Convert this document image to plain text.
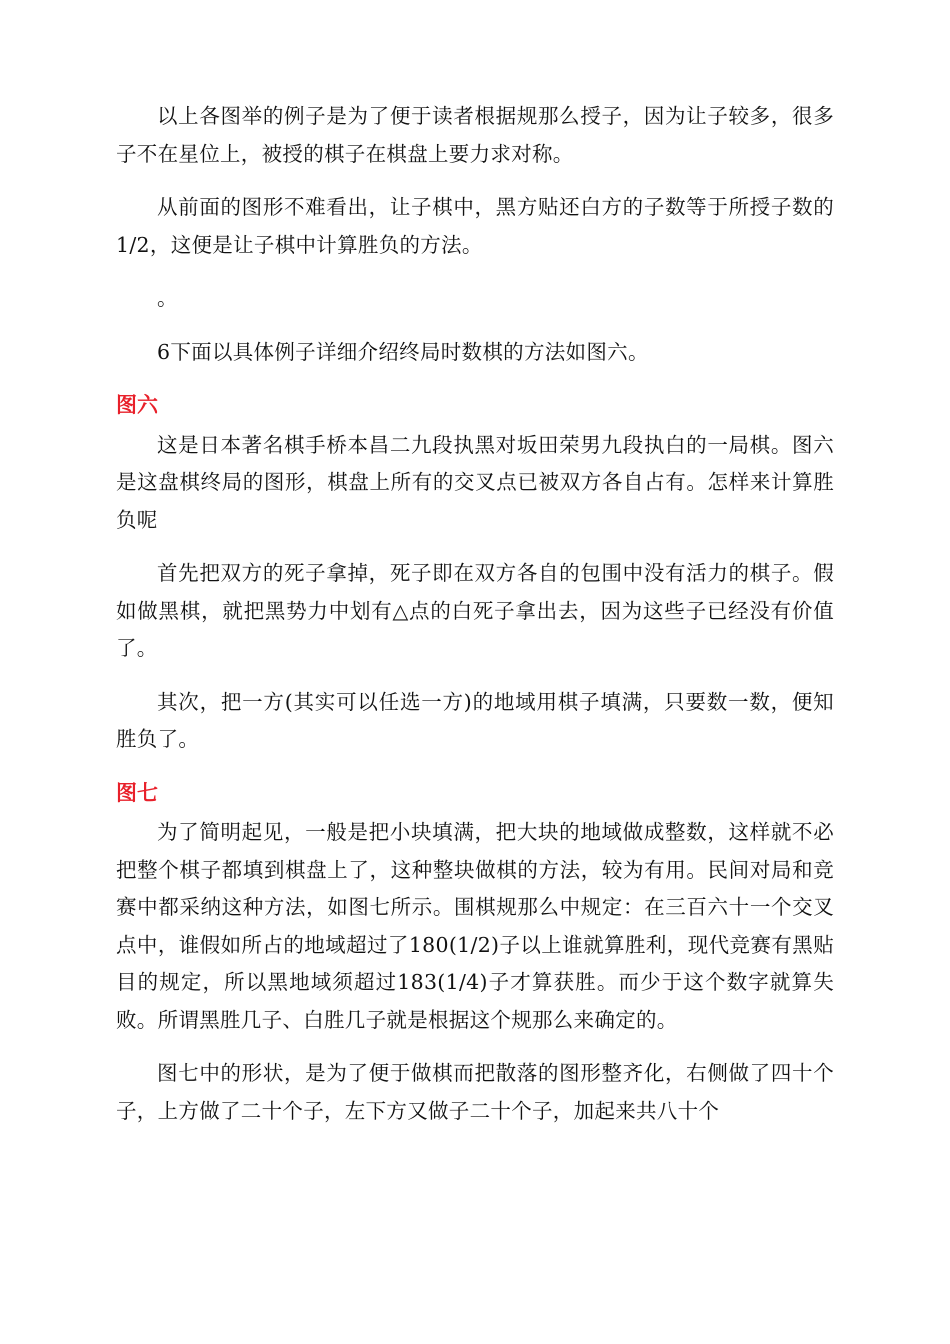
以上各图举的例子是为了便于读者根据规那么授子，因为让子较多，很多子不在星位上，被授的棋子在棋盘上要力求对称。

从前面的图形不难看出，让子棋中，黑方贴还白方的子数等于所授子数的1/2，这便是让子棋中计算胜负的方法。

。

6下面以具体例子详细介绍终局时数棋的方法如图六。

图六

这是日本著名棋手桥本昌二九段执黑对坂田荣男九段执白的一局棋。图六是这盘棋终局的图形，棋盘上所有的交叉点已被双方各自占有。怎样来计算胜负呢

首先把双方的死子拿掉，死子即在双方各自的包围中没有活力的棋子。假如做黑棋，就把黑势力中划有△点的白死子拿出去，因为这些子已经没有价值了。

其次，把一方(其实可以任选一方)的地域用棋子填满，只要数一数，便知胜负了。

图七

为了简明起见，一般是把小块填满，把大块的地域做成整数，这样就不必把整个棋子都填到棋盘上了，这种整块做棋的方法，较为有用。民间对局和竞赛中都采纳这种方法，如图七所示。围棋规那么中规定：在三百六十一个交叉点中，谁假如所占的地域超过了180(1/2)子以上谁就算胜利，现代竞赛有黑贴目的规定，所以黑地域须超过183(1/4)子才算获胜。而少于这个数字就算失败。所谓黑胜几子、白胜几子就是根据这个规那么来确定的。

图七中的形状，是为了便于做棋而把散落的图形整齐化，右侧做了四十个子，上方做了二十个子，左下方又做子二十个子，加起来共八十个
